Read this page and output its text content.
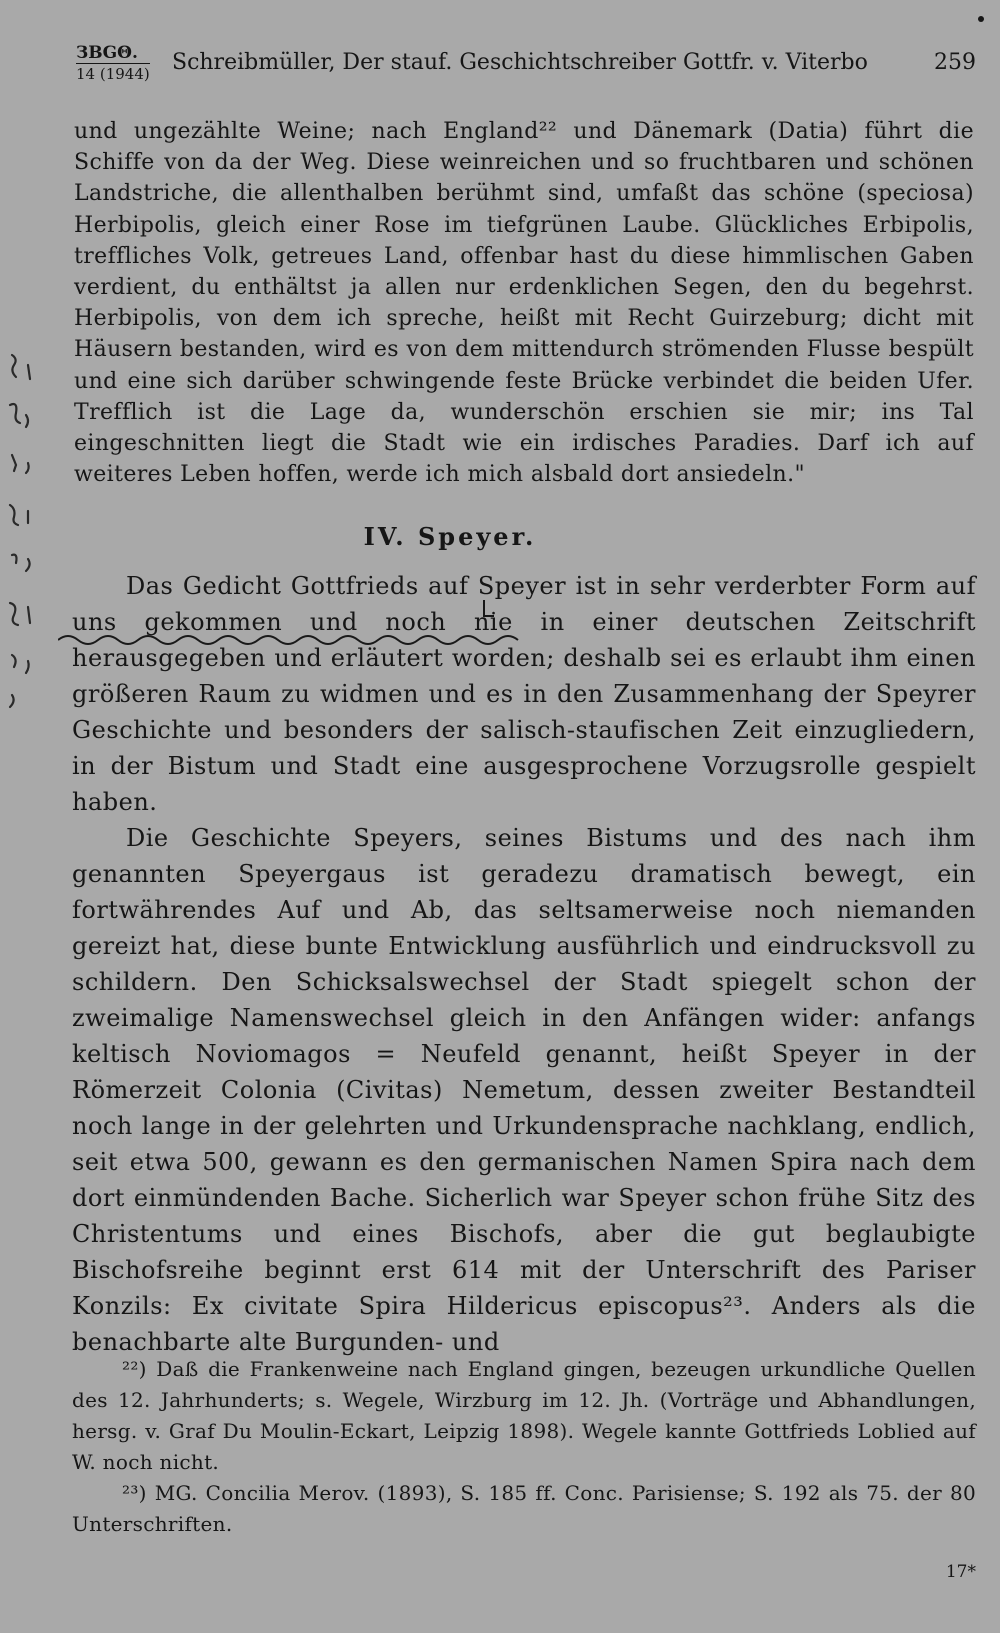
ЗВGΘ.
14 (1944) Schreibmüller, Der stauf. Geschichtschreiber Gottfr. v. Viterbo	259

und ungezählte Weine; nach England²² und Dänemark (Datia) führt die Schiffe von da der Weg. Diese weinreichen und so fruchtbaren und schönen Landstriche, die allenthalben berühmt sind, umfaßt das schöne (speciosa) Herbipolis, gleich einer Rose im tiefgrünen Laube. Glückliches Erbipolis, treffliches Volk, getreues Land, offenbar hast du diese himmlischen Gaben verdient, du enthältst ja allen nur erdenklichen Segen, den du begehrst. Herbipolis, von dem ich spreche, heißt mit Recht Guirzeburg; dicht mit Häusern bestanden, wird es von dem mittendurch strömenden Flusse bespült und eine sich darüber schwingende feste Brücke verbindet die beiden Ufer. Trefflich ist die Lage da, wunderschön erschien sie mir; ins Tal eingeschnitten liegt die Stadt wie ein irdisches Paradies. Darf ich auf weiteres Leben hoffen, werde ich mich alsbald dort ansiedeln."

IV. Speyer.

Das Gedicht Gottfrieds auf Speyer ist in sehr verderbter Form auf uns gekommen und noch nie in einer deutschen Zeitschrift herausgegeben und erläutert worden; deshalb sei es erlaubt ihm einen größeren Raum zu widmen und es in den Zusammenhang der Speyrer Geschichte und besonders der salisch-staufischen Zeit einzugliedern, in der Bistum und Stadt eine ausgesprochene Vorzugsrolle gespielt haben.

Die Geschichte Speyers, seines Bistums und des nach ihm genannten Speyergaus ist geradezu dramatisch bewegt, ein fortwährendes Auf und Ab, das seltsamerweise noch niemanden gereizt hat, diese bunte Entwicklung ausführlich und eindrucksvoll zu schildern. Den Schicksalswechsel der Stadt spiegelt schon der zweimalige Namenswechsel gleich in den Anfängen wider: anfangs keltisch Noviomagos = Neufeld genannt, heißt Speyer in der Römerzeit Colonia (Civitas) Nemetum, dessen zweiter Bestandteil noch lange in der gelehrten und Urkundensprache nachklang, endlich, seit etwa 500, gewann es den germanischen Namen Spira nach dem dort einmündenden Bache. Sicherlich war Speyer schon frühe Sitz des Christentums und eines Bischofs, aber die gut beglaubigte Bischofsreihe beginnt erst 614 mit der Unterschrift des Pariser Konzils: Ex civitate Spira Hildericus episcopus²³. Anders als die benachbarte alte Burgunden- und

²²) Daß die Frankenweine nach England gingen, bezeugen urkundliche Quellen des 12. Jahrhunderts; s. Wegele, Wirzburg im 12. Jh. (Vorträge und Abhandlungen, hersg. v. Graf Du Moulin-Eckart, Leipzig 1898). Wegele kannte Gottfrieds Loblied auf W. noch nicht.

²³) MG. Concilia Merov. (1893), S. 185 ff. Conc. Parisiense; S. 192 als 75. der 80 Unterschriften.

17*
